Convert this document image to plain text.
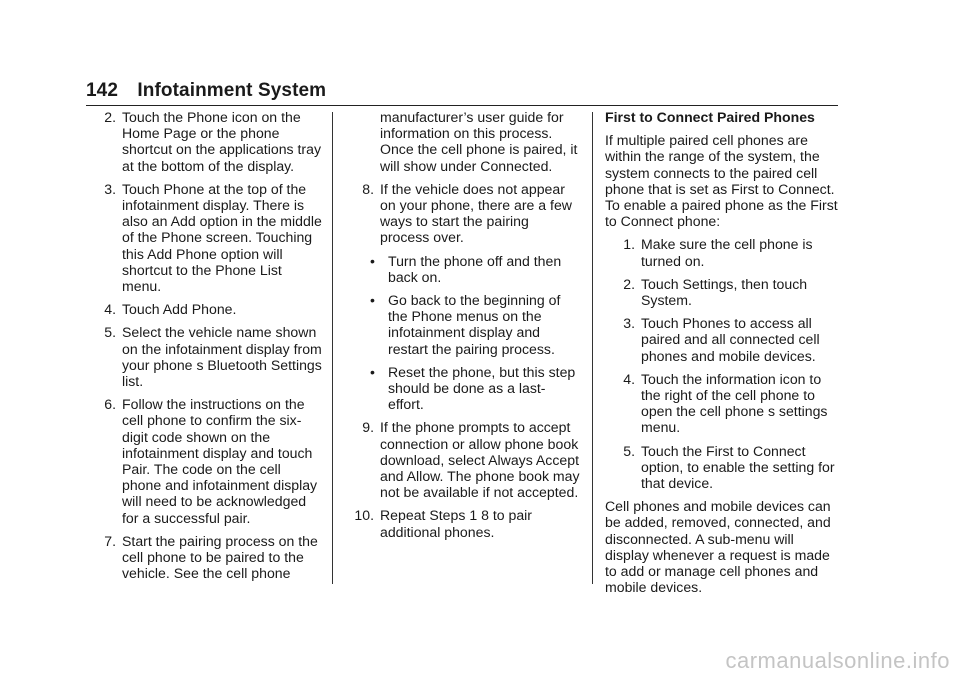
142 Infotainment System
2. Touch the Phone icon on the Home Page or the phone shortcut on the applications tray at the bottom of the display.
3. Touch Phone at the top of the infotainment display. There is also an Add option in the middle of the Phone screen. Touching this Add Phone option will shortcut to the Phone List menu.
4. Touch Add Phone.
5. Select the vehicle name shown on the infotainment display from your phone s Bluetooth Settings list.
6. Follow the instructions on the cell phone to confirm the six-digit code shown on the infotainment display and touch Pair. The code on the cell phone and infotainment display will need to be acknowledged for a successful pair.
7. Start the pairing process on the cell phone to be paired to the vehicle. See the cell phone
manufacturer’s user guide for information on this process. Once the cell phone is paired, it will show under Connected.
8. If the vehicle does not appear on your phone, there are a few ways to start the pairing process over.
• Turn the phone off and then back on.
• Go back to the beginning of the Phone menus on the infotainment display and restart the pairing process.
• Reset the phone, but this step should be done as a last-effort.
9. If the phone prompts to accept connection or allow phone book download, select Always Accept and Allow. The phone book may not be available if not accepted.
10. Repeat Steps 1 8 to pair additional phones.
First to Connect Paired Phones
If multiple paired cell phones are within the range of the system, the system connects to the paired cell phone that is set as First to Connect. To enable a paired phone as the First to Connect phone:
1. Make sure the cell phone is turned on.
2. Touch Settings, then touch System.
3. Touch Phones to access all paired and all connected cell phones and mobile devices.
4. Touch the information icon to the right of the cell phone to open the cell phone s settings menu.
5. Touch the First to Connect option, to enable the setting for that device.
Cell phones and mobile devices can be added, removed, connected, and disconnected. A sub-menu will display whenever a request is made to add or manage cell phones and mobile devices.
carmanualsonline.info
